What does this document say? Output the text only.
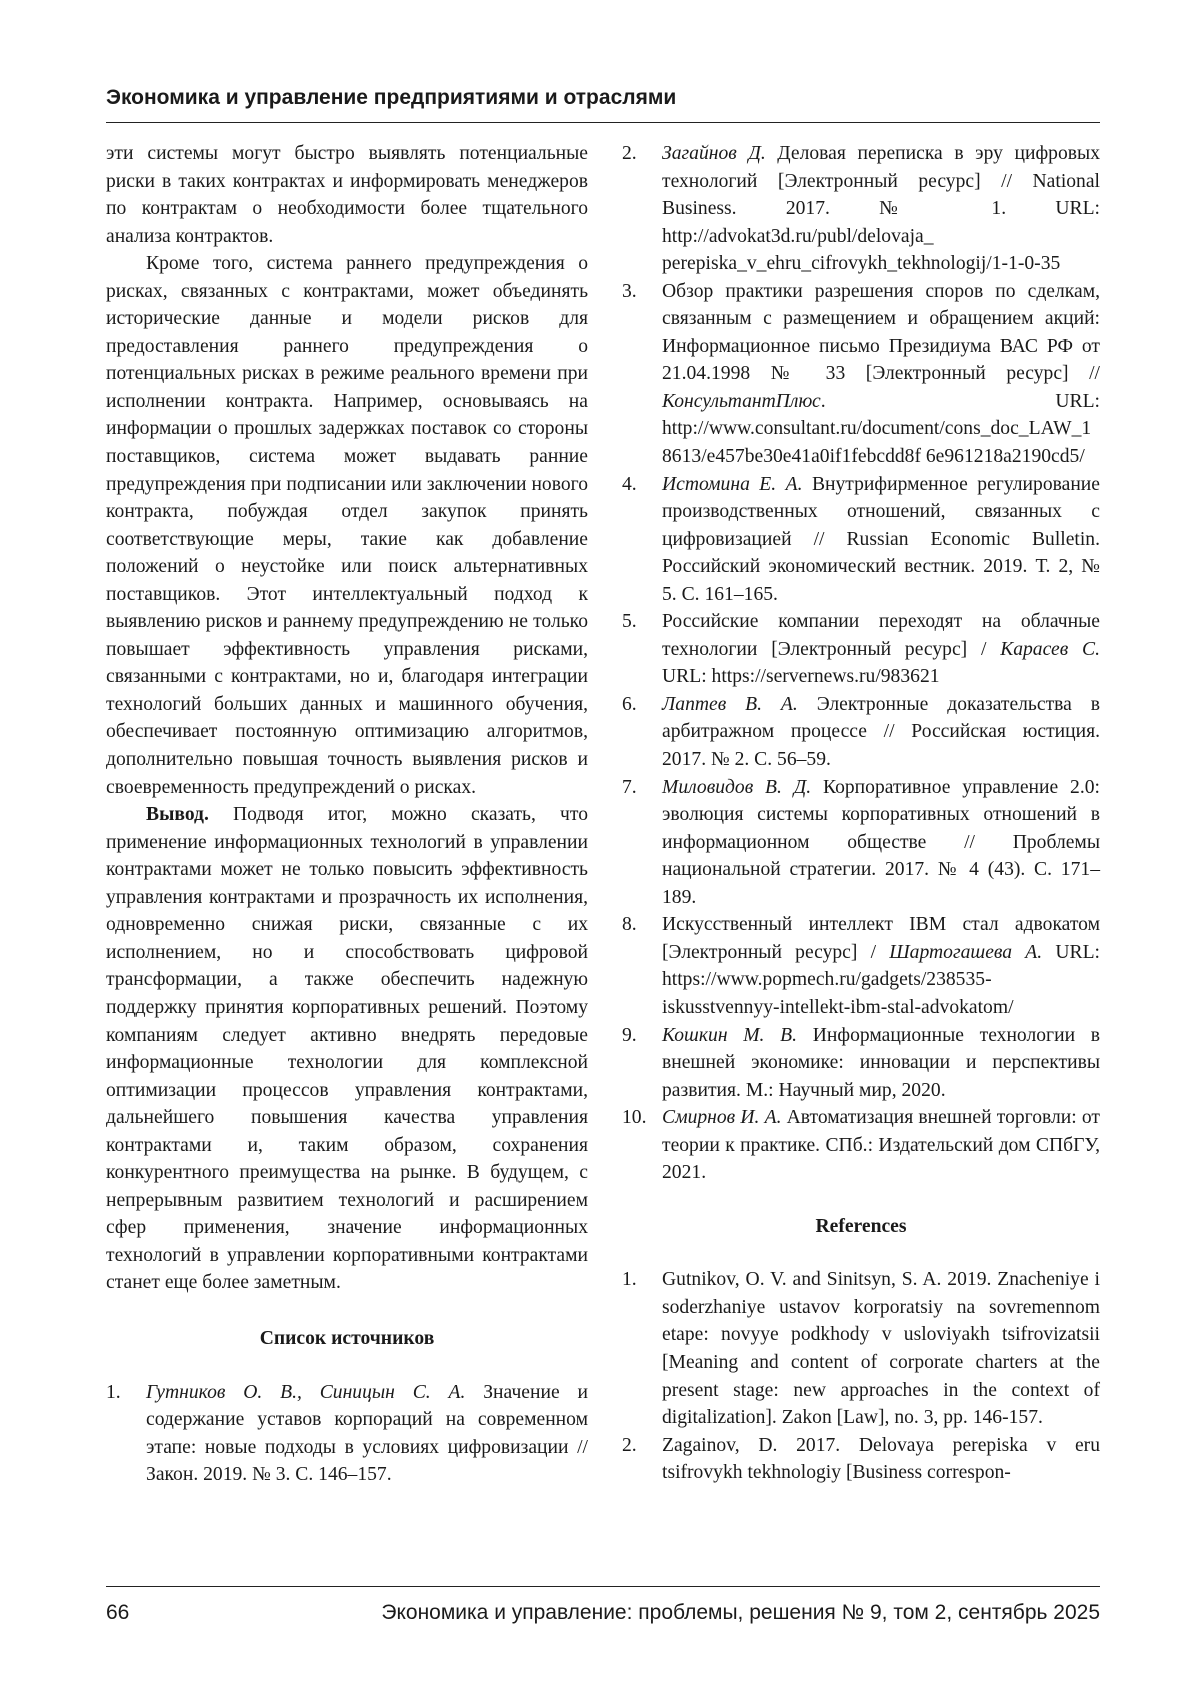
Экономика и управление предприятиями и отраслями

эти системы могут быстро выявлять потенциальные риски в таких контрактах и информировать менеджеров по контрактам о необходимости более тщательного анализа контрактов.

Кроме того, система раннего предупреждения о рисках, связанных с контрактами, может объединять исторические данные и модели рисков для предоставления раннего предупреждения о потенциальных рисках в режиме реального времени при исполнении контракта. Например, основываясь на информации о прошлых задержках поставок со стороны поставщиков, система может выдавать ранние предупреждения при подписании или заключении нового контракта, побуждая отдел закупок принять соответствующие меры, такие как добавление положений о неустойке или поиск альтернативных поставщиков. Этот интеллектуальный подход к выявлению рисков и раннему предупреждению не только повышает эффективность управления рисками, связанными с контрактами, но и, благодаря интеграции технологий больших данных и машинного обучения, обеспечивает постоянную оптимизацию алгоритмов, дополнительно повышая точность выявления рисков и своевременность предупреждений о рисках.

Вывод. Подводя итог, можно сказать, что применение информационных технологий в управлении контрактами может не только повысить эффективность управления контрактами и прозрачность их исполнения, одновременно снижая риски, связанные с их исполнением, но и способствовать цифровой трансформации, а также обеспечить надежную поддержку принятия корпоративных решений. Поэтому компаниям следует активно внедрять передовые информационные технологии для комплексной оптимизации процессов управления контрактами, дальнейшего повышения качества управления контрактами и, таким образом, сохранения конкурентного преимущества на рынке. В будущем, с непрерывным развитием технологий и расширением сфер применения, значение информационных технологий в управлении корпоративными контрактами станет еще более заметным.

Список источников
1. Гутников О. В., Синицын С. А. Значение и содержание уставов корпораций на современном этапе: новые подходы в условиях цифровизации // Закон. 2019. № 3. С. 146–157.
2. Загайнов Д. Деловая переписка в эру цифровых технологий [Электронный ресурс] // National Business. 2017. № 1. URL: http://advokat3d.ru/publ/delovaja_ perepiska_v_ehru_cifrovykh_tekhnologij/1-1-0-35
3. Обзор практики разрешения споров по сделкам, связанным с размещением и обращением акций: Информационное письмо Президиума ВАС РФ от 21.04.1998 № 33 [Электронный ресурс] // КонсультантПлюс. URL: http://www.consultant.ru/document/cons_doc_LAW_18613/e457be30e41a0if1febcdd8f 6e961218a2190cd5/
4. Истомина Е. А. Внутрифирменное регулирование производственных отношений, связанных с цифровизацией // Russian Economic Bulletin. Российский экономический вестник. 2019. Т. 2, № 5. С. 161–165.
5. Российские компании переходят на облачные технологии [Электронный ресурс] / Карасев С. URL: https://servernews.ru/983621
6. Лаптев В. А. Электронные доказательства в арбитражном процессе // Российская юстиция. 2017. № 2. С. 56–59.
7. Миловидов В. Д. Корпоративное управление 2.0: эволюция системы корпоративных отношений в информационном обществе // Проблемы национальной стратегии. 2017. № 4 (43). С. 171–189.
8. Искусственный интеллект IBM стал адвокатом [Электронный ресурс] / Шартогашева А. URL: https://www.popmech.ru/gadgets/238535-iskusstvennyy-intellekt-ibm-stal-advokatom/
9. Кошкин М. В. Информационные технологии в внешней экономике: инновации и перспективы развития. М.: Научный мир, 2020.
10. Смирнов И. А. Автоматизация внешней торговли: от теории к практике. СПб.: Издательский дом СПбГУ, 2021.
References
1. Gutnikov, O. V. and Sinitsyn, S. A. 2019. Znacheniye i soderzhaniye ustavov korporatsiy na sovremennom etape: novyye podkhody v usloviyakh tsifrovizatsii [Meaning and content of corporate charters at the present stage: new approaches in the context of digitalization]. Zakon [Law], no. 3, pp. 146-157.
2. Zagainov, D. 2017. Delovaya perepiska v eru tsifrovykh tekhnologiy [Business correspon-
66	Экономика и управление: проблемы, решения № 9, том 2, сентябрь 2025
